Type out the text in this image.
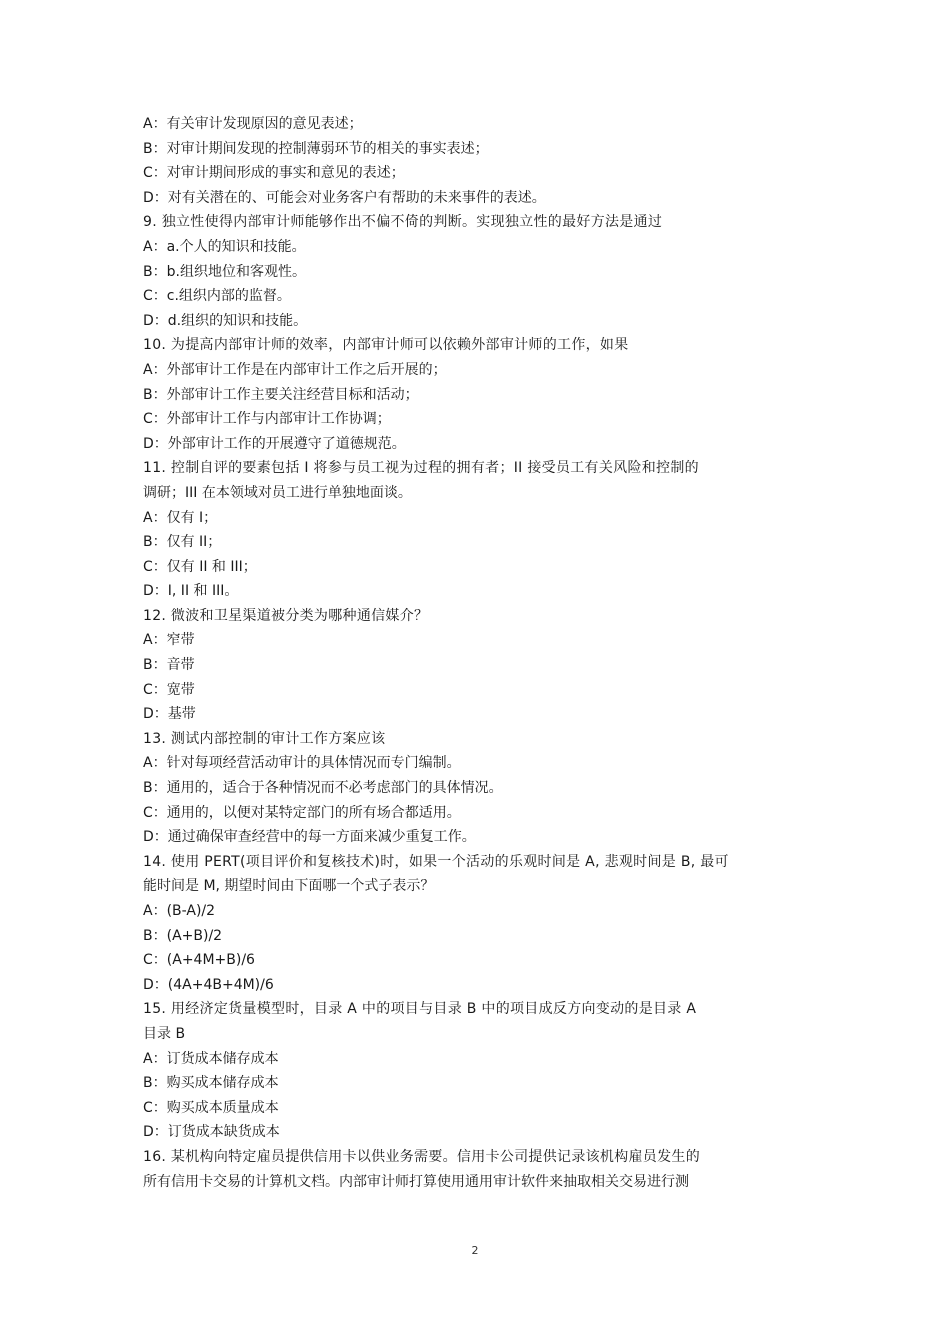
A：有关审计发现原因的意见表述；
B：对审计期间发现的控制薄弱环节的相关的事实表述；
C：对审计期间形成的事实和意见的表述；
D：对有关潜在的、可能会对业务客户有帮助的未来事件的表述。
9. 独立性使得内部审计师能够作出不偏不倚的判断。实现独立性的最好方法是通过
A：a.个人的知识和技能。
B：b.组织地位和客观性。
C：c.组织内部的监督。
D：d.组织的知识和技能。
10. 为提高内部审计师的效率，内部审计师可以依赖外部审计师的工作，如果
A：外部审计工作是在内部审计工作之后开展的；
B：外部审计工作主要关注经营目标和活动；
C：外部审计工作与内部审计工作协调；
D：外部审计工作的开展遵守了道德规范。
11. 控制自评的要素包括 I 将参与员工视为过程的拥有者；II 接受员工有关风险和控制的
调研；III 在本领域对员工进行单独地面谈。
A：仅有 I；
B：仅有 II；
C：仅有 II 和 III；
D：I, II 和 III。
12. 微波和卫星渠道被分类为哪种通信媒介？
A：窄带
B：音带
C：宽带
D：基带
13. 测试内部控制的审计工作方案应该
A：针对每项经营活动审计的具体情况而专门编制。
B：通用的，适合于各种情况而不必考虑部门的具体情况。
C：通用的，以便对某特定部门的所有场合都适用。
D：通过确保审查经营中的每一方面来减少重复工作。
14. 使用 PERT(项目评价和复核技术)时，如果一个活动的乐观时间是 A, 悲观时间是 B, 最可
能时间是 M, 期望时间由下面哪一个式子表示？
A：(B-A)/2
B：(A+B)/2
C：(A+4M+B)/6
D：(4A+4B+4M)/6
15. 用经济定货量模型时，目录 A 中的项目与目录 B 中的项目成反方向变动的是目录 A
目录 B
A：订货成本储存成本
B：购买成本储存成本
C：购买成本质量成本
D：订货成本缺货成本
16. 某机构向特定雇员提供信用卡以供业务需要。信用卡公司提供记录该机构雇员发生的
所有信用卡交易的计算机文档。内部审计师打算使用通用审计软件来抽取相关交易进行测
2
